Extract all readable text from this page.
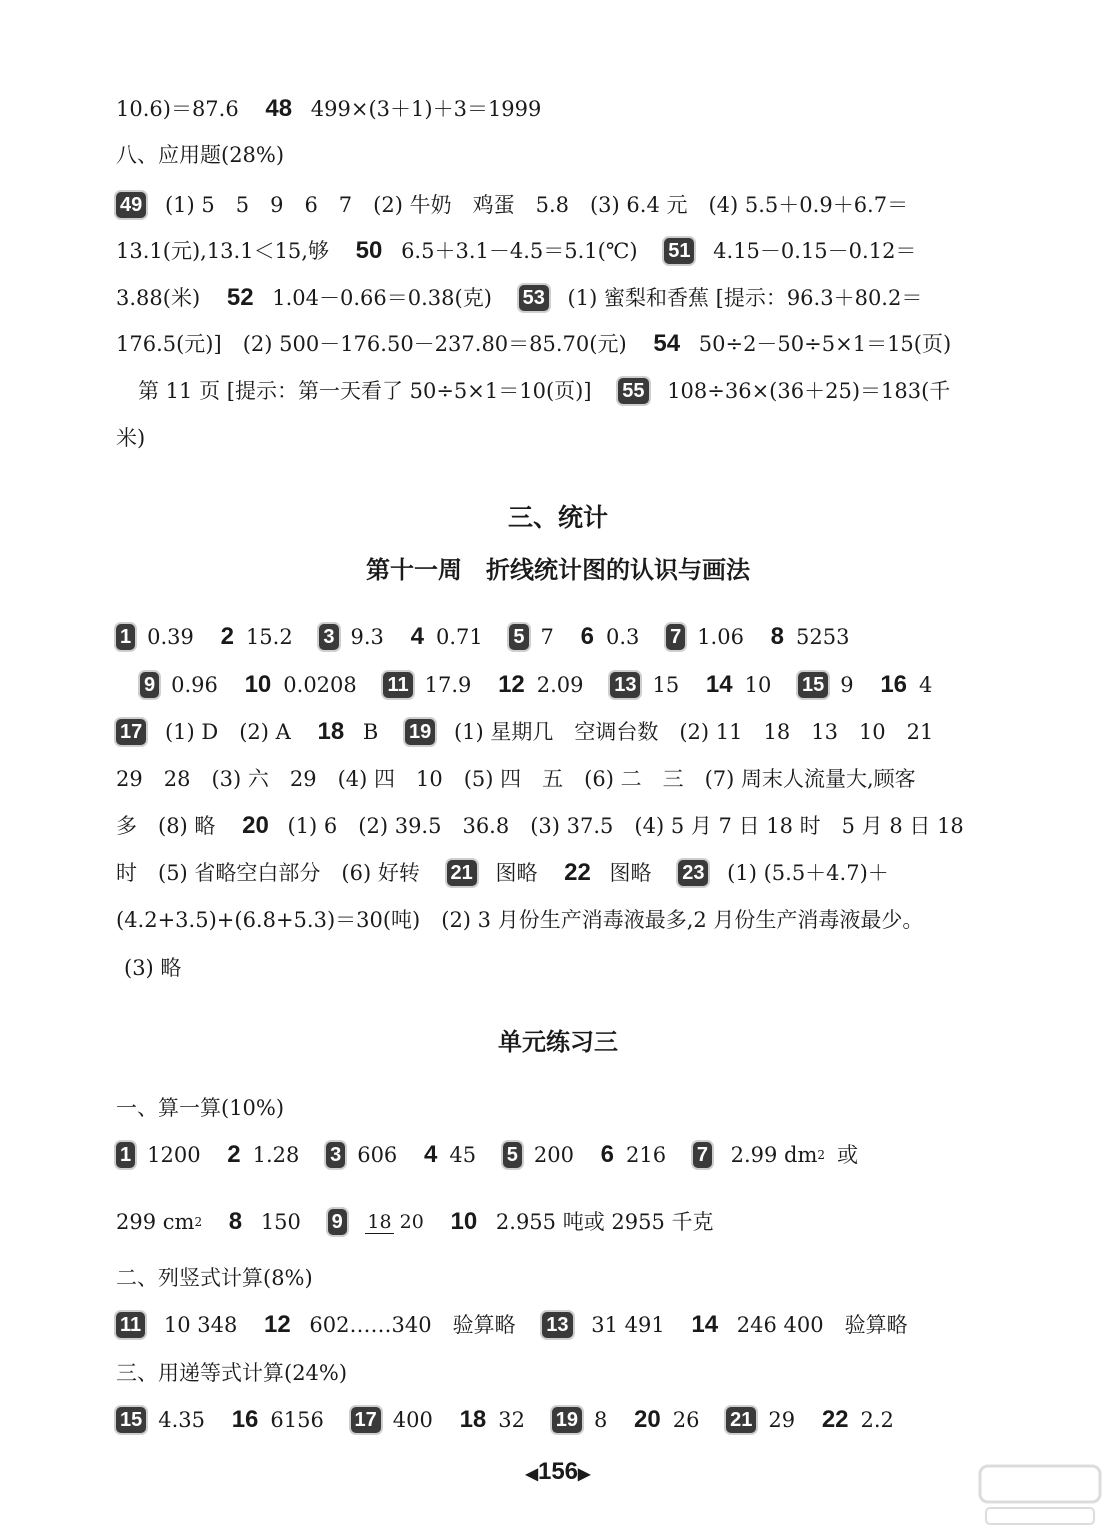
10.6)＝87.6 48 499×(3＋1)＋3＝1999
八、应用题(28%)
49 (1) 5　5　9　6　7　(2) 牛奶　鸡蛋　5.8　(3) 6.4 元　(4) 5.5＋0.9＋6.7＝
13.1(元),13.1＜15,够 50 6.5＋3.1－4.5＝5.1(℃) 51 4.15－0.15－0.12＝
3.88(米) 52 1.04－0.66＝0.38(克) 53 (1) 蜜梨和香蕉 [提示：96.3＋80.2＝
176.5(元)]　(2) 500－176.50－237.80＝85.70(元) 54 50÷2－50÷5×1＝15(页)
第 11 页 [提示：第一天看了 50÷5×1＝10(页)] 55 108÷36×(36＋25)＝183(千
米)
三、统计
第十一周　折线统计图的认识与画法
1 0.39 2 15.2 3 9.3 4 0.71 5 7 6 0.3 7 1.06 8 5253
9 0.96 10 0.0208 11 17.9 12 2.09 13 15 14 10 15 9 16 4
17 (1) D　(2) A 18 B 19 (1) 星期几　空调台数　(2) 11　18　13　10　21
29　28　(3) 六　29　(4) 四　10　(5) 四　五　(6) 二　三　(7) 周末人流量大,顾客
多　(8) 略 20 (1) 6　(2) 39.5　36.8　(3) 37.5　(4) 5 月 7 日 18 时　5 月 8 日 18
时　(5) 省略空白部分　(6) 好转 21 图略 22 图略 23 (1) (5.5＋4.7)＋
(4.2+3.5)+(6.8+5.3)＝30(吨)　(2) 3 月份生产消毒液最多,2 月份生产消毒液最少。
(3) 略
单元练习三
一、算一算(10%)
1 1200 2 1.28 3 606 4 45 5 200 6 216 7 2.99 $dm^2$ 或
299 $cm^2$ 8 150 9 18 20 10 2.955 吨或 2955 千克
二、列竖式计算(8%)
11 10 348 12 602……340　验算略 13 31 491 14 246 400　验算略
三、用递等式计算(24%)
15 4.35 16 6156 17 400 18 32 19 8 20 26 21 29 22 2.2
◀156▶
